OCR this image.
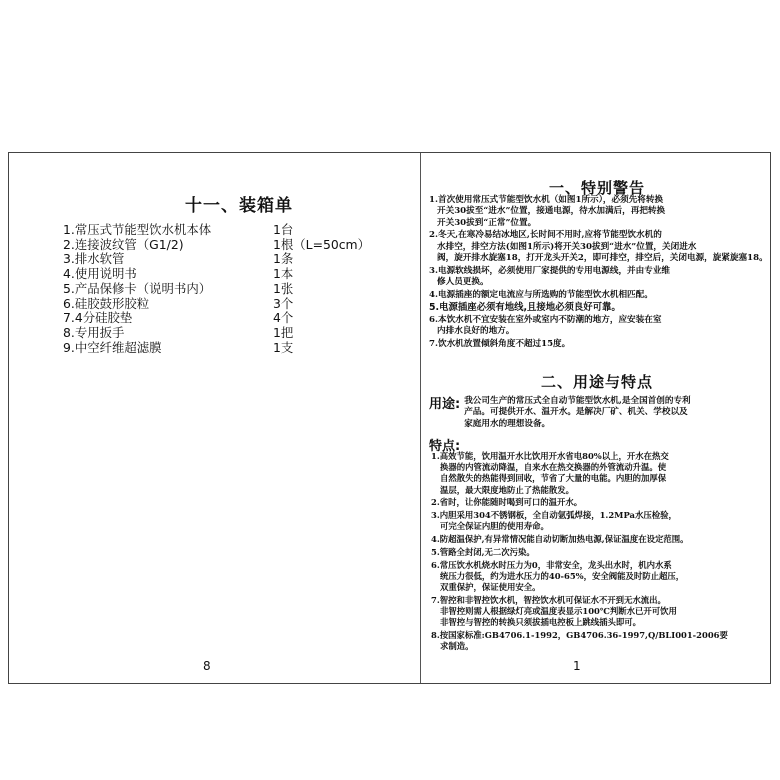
十一、装箱单
1.常压式节能型饮水机本体	1台
2.连接波纹管（G1/2)	1根（L=50cm）
3.排水软管	1条
4.使用说明书	1本
5.产品保修卡（说明书内）	1张
6.硅胶鼓形胶粒	3个
7.4分硅胶垫	4个
8.专用扳手	1把
9.中空纤维超滤膜	1支
8
一、特别警告
1.首次使用常压式节能型饮水机（如图1所示），必须先将转换
开关30拔至“进水”位置，接通电源，待水加满后，再把转换
开关30拔到“正常”位置。
2.冬天,在寒冷易结冰地区,长时间不用时,应将节能型饮水机的
水排空，排空方法(如图1所示)将开关30拔到“进水”位置，关闭进水
阀，旋开排水旋塞18，打开龙头开关2，即可排空，排空后，关闭电源，旋紧旋塞18。
3.电源软线损坏，必须使用厂家提供的专用电源线，并由专业维
修人员更换。
4.电源插座的额定电流应与所选购的节能型饮水机相匹配。
5.电源插座必须有地线,且接地必须良好可靠。
6.本饮水机不宜安装在室外或室内不防潮的地方，应安装在室
内排水良好的地方。
7.饮水机放置倾斜角度不超过15度。
二、用途与特点
用途: 我公司生产的常压式全自动节能型饮水机,是全国首创的专利
产品。可提供开水、温开水。是解决厂矿、机关、学校以及
家庭用水的理想设备。
特点:
1.高效节能，饮用温开水比饮用开水省电80%以上，开水在热交
换器的内管流动降温，自来水在热交换器的外管流动升温。使
自然散失的热能得到回收，节省了大量的电能。内胆的加厚保
温层，最大限度地防止了热能散发。
2.省时，让你能随时喝到可口的温开水。
3.内胆采用304不锈钢板，全自动氩弧焊接，1.2MPa水压检验，
可完全保证内胆的使用寿命。
4.防超温保护,有异常情况能自动切断加热电源,保证温度在设定范围。
5.管路全封闭,无二次污染。
6.常压饮水机烧水时压力为0，非常安全，龙头出水时，机内水系
统压力很低，约为进水压力的40-65%，安全阀能及时防止超压，
双重保护，保证使用安全。
7.智控和非智控饮水机，智控饮水机可保证水不开到无水流出。
非智控则需人根据绿灯亮或温度表显示100℃判断水已开可饮用
非智控与智控的转换只须拔插电控板上跳线插头即可。
8.按国家标准:GB4706.1-1992，GB4706.36-1997,Q/BLI001-2006要
求制造。
1
